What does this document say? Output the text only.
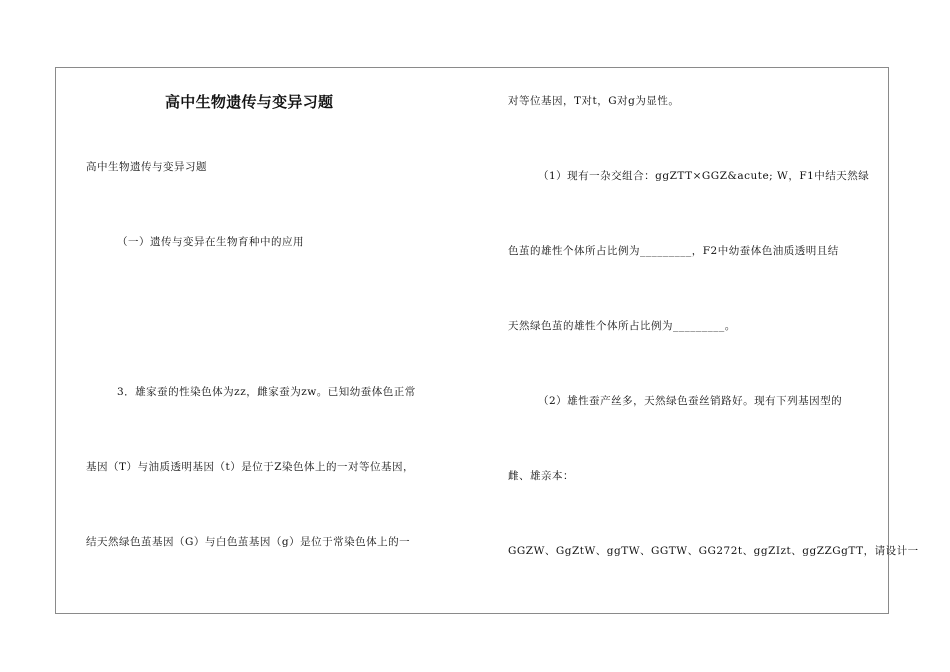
高中生物遗传与变异习题
高中生物遗传与变异习题
（一）遗传与变异在生物育种中的应用
3．雄家蚕的性染色体为zz，雌家蚕为zw。已知幼蚕体色正常
基因（T）与油质透明基因（t）是位于Z染色体上的一对等位基因，
结天然绿色茧基因（G）与白色茧基因（g）是位于常染色体上的一
对等位基因，T对t，G对g为显性。
（1）现有一杂交组合：ggZTT×GGZ&acute; W，F1中结天然绿
色茧的雄性个体所占比例为_________，F2中幼蚕体色油质透明且结
天然绿色茧的雄性个体所占比例为_________。
（2）雄性蚕产丝多，天然绿色蚕丝销路好。现有下列基因型的
雌、雄亲本：
GGZW、GgZtW、ggTW、GGTW、GG272t、ggZIzt、ggZZGgTT，请设计一
